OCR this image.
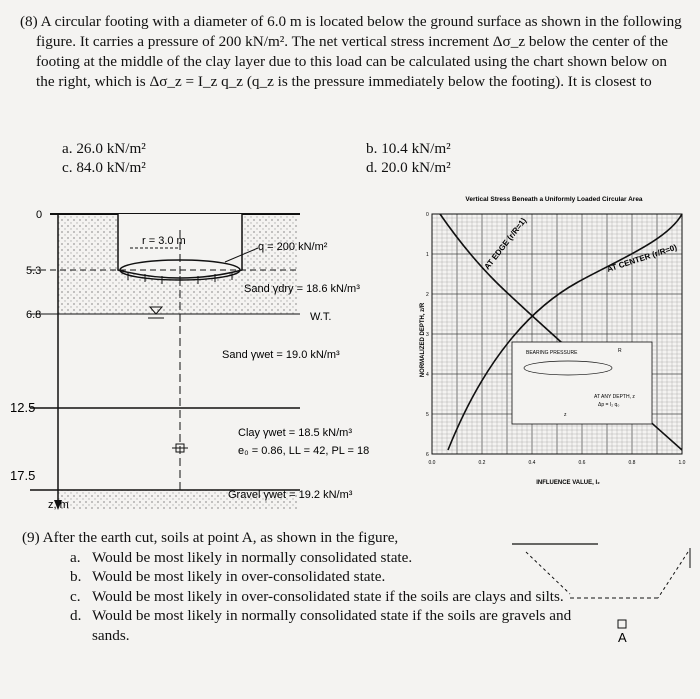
(8) A circular footing with a diameter of 6.0 m is located below the ground surface as shown in the following figure. It carries a pressure of 200 kN/m². The net vertical stress increment Δσ_z below the center of the footing at the middle of the clay layer due to this load can be calculated using the chart shown below on the right, which is Δσ_z = I_z q_z (q_z is the pressure immediately below the footing). It is closest to

a. 26.0 kN/m²
c. 84.0 kN/m²
b. 10.4 kN/m²
d. 20.0 kN/m²
0
5.3
6.8
12.5
17.5
z, m
r = 3.0 m	q = 200 kN/m²
Sand γdry = 18.6 kN/m³
W.T.
Sand γwet = 19.0 kN/m³
Clay γwet = 18.5 kN/m³
e₀ = 0.86, LL = 42, PL = 18
Gravel γwet = 19.2 kN/m³
Vertical Stress Beneath a Uniformly Loaded Circular Area
AT EDGE (r/R=1)	AT CENTER (r/R=0)
BEARING PRESSURE	R
AT ANY DEPTH, z
Δp = I₂ q₀
z
0
1
2
3
4
5
6
0.0	0.2	0.4	0.6	0.8	1.0
NORMALIZED DEPTH, z/R
INFLUENCE VALUE, I₂

(9) After the earth cut, soils at point A, as shown in the figure,

a. Would be most likely in normally consolidated state.

b. Would be most likely in over-consolidated state.

c. Would be most likely in over-consolidated state if the soils are clays and silts.

d. Would be most likely in normally consolidated state if the soils are gravels and sands.	A
